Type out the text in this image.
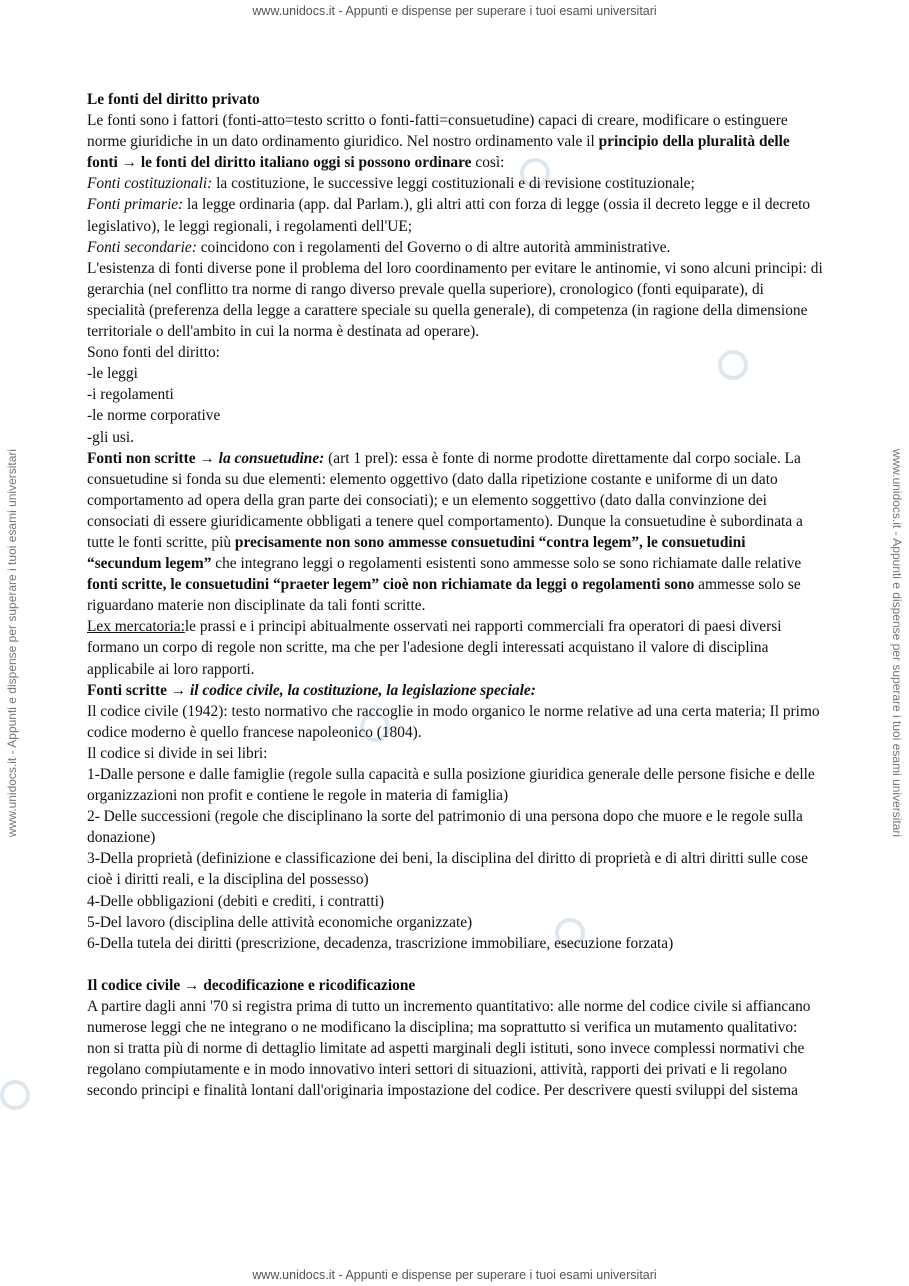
www.unidocs.it - Appunti e dispense per superare i tuoi esami universitari
www.unidocs.it - Appunti e dispense per superare i tuoi esami universitari	www.unidocs.it - Appunti e dispense per superare i tuoi esami universitari
www.unidocs.it - Appunti e dispense per superare i tuoi esami universitari

Le fonti del diritto privato

Le fonti sono i fattori (fonti-atto=testo scritto o fonti-fatti=consuetudine) capaci di creare, modificare o estinguere norme giuridiche in un dato ordinamento giuridico. Nel nostro ordinamento vale il principio della pluralità delle fonti → le fonti del diritto italiano oggi si possono ordinare così:

Fonti costituzionali: la costituzione, le successive leggi costituzionali e di revisione costituzionale;

Fonti primarie: la legge ordinaria (app. dal Parlam.), gli altri atti con forza di legge (ossia il decreto legge e il decreto legislativo), le leggi regionali, i regolamenti dell'UE;

Fonti secondarie: coincidono con i regolamenti del Governo o di altre autorità amministrative.

L'esistenza di fonti diverse pone il problema del loro coordinamento per evitare le antinomie, vi sono alcuni principi: di gerarchia (nel conflitto tra norme di rango diverso prevale quella superiore), cronologico (fonti equiparate), di specialità (preferenza della legge a carattere speciale su quella generale), di competenza (in ragione della dimensione territoriale o dell'ambito in cui la norma è destinata ad operare).

Sono fonti del diritto:

-le leggi

-i regolamenti

-le norme corporative

-gli usi.

Fonti non scritte → la consuetudine: (art 1 prel): essa è fonte di norme prodotte direttamente dal corpo sociale. La consuetudine si fonda su due elementi: elemento oggettivo (dato dalla ripetizione costante e uniforme di un dato comportamento ad opera della gran parte dei consociati); e un elemento soggettivo (dato dalla convinzione dei consociati di essere giuridicamente obbligati a tenere quel comportamento). Dunque la consuetudine è subordinata a tutte le fonti scritte, più precisamente non sono ammesse consuetudini “contra legem”, le consuetudini “secundum legem” che integrano leggi o regolamenti esistenti sono ammesse solo se sono richiamate dalle relative fonti scritte, le consuetudini “praeter legem” cioè non richiamate da leggi o regolamenti sono ammesse solo se riguardano materie non disciplinate da tali fonti scritte.

Lex mercatoria:le prassi e i principi abitualmente osservati nei rapporti commerciali fra operatori di paesi diversi formano un corpo di regole non scritte, ma che per l'adesione degli interessati acquistano il valore di disciplina applicabile ai loro rapporti.

Fonti scritte → il codice civile, la costituzione, la legislazione speciale:

Il codice civile (1942): testo normativo che raccoglie in modo organico le norme relative ad una certa materia; Il primo codice moderno è quello francese napoleonico (1804).

Il codice si divide in sei libri:

1-Dalle persone e dalle famiglie (regole sulla capacità e sulla posizione giuridica generale delle persone fisiche e delle organizzazioni non profit e contiene le regole in materia di famiglia)

2- Delle successioni (regole che disciplinano la sorte del patrimonio di una persona dopo che muore e le regole sulla donazione)

3-Della proprietà (definizione e classificazione dei beni, la disciplina del diritto di proprietà e di altri diritti sulle cose cioè i diritti reali, e la disciplina del possesso)

4-Delle obbligazioni (debiti e crediti, i contratti)

5-Del lavoro (disciplina delle attività economiche organizzate)

6-Della tutela dei diritti (prescrizione, decadenza, trascrizione immobiliare, esecuzione forzata)

Il codice civile → decodificazione e ricodificazione

A partire dagli anni '70 si registra prima di tutto un incremento quantitativo: alle norme del codice civile si affiancano numerose leggi che ne integrano o ne modificano la disciplina; ma soprattutto si verifica un mutamento qualitativo: non si tratta più di norme di dettaglio limitate ad aspetti marginali degli istituti, sono invece complessi normativi che regolano compiutamente e in modo innovativo interi settori di situazioni, attività, rapporti dei privati e li regolano secondo principi e finalità lontani dall'originaria impostazione del codice. Per descrivere questi sviluppi del sistema
